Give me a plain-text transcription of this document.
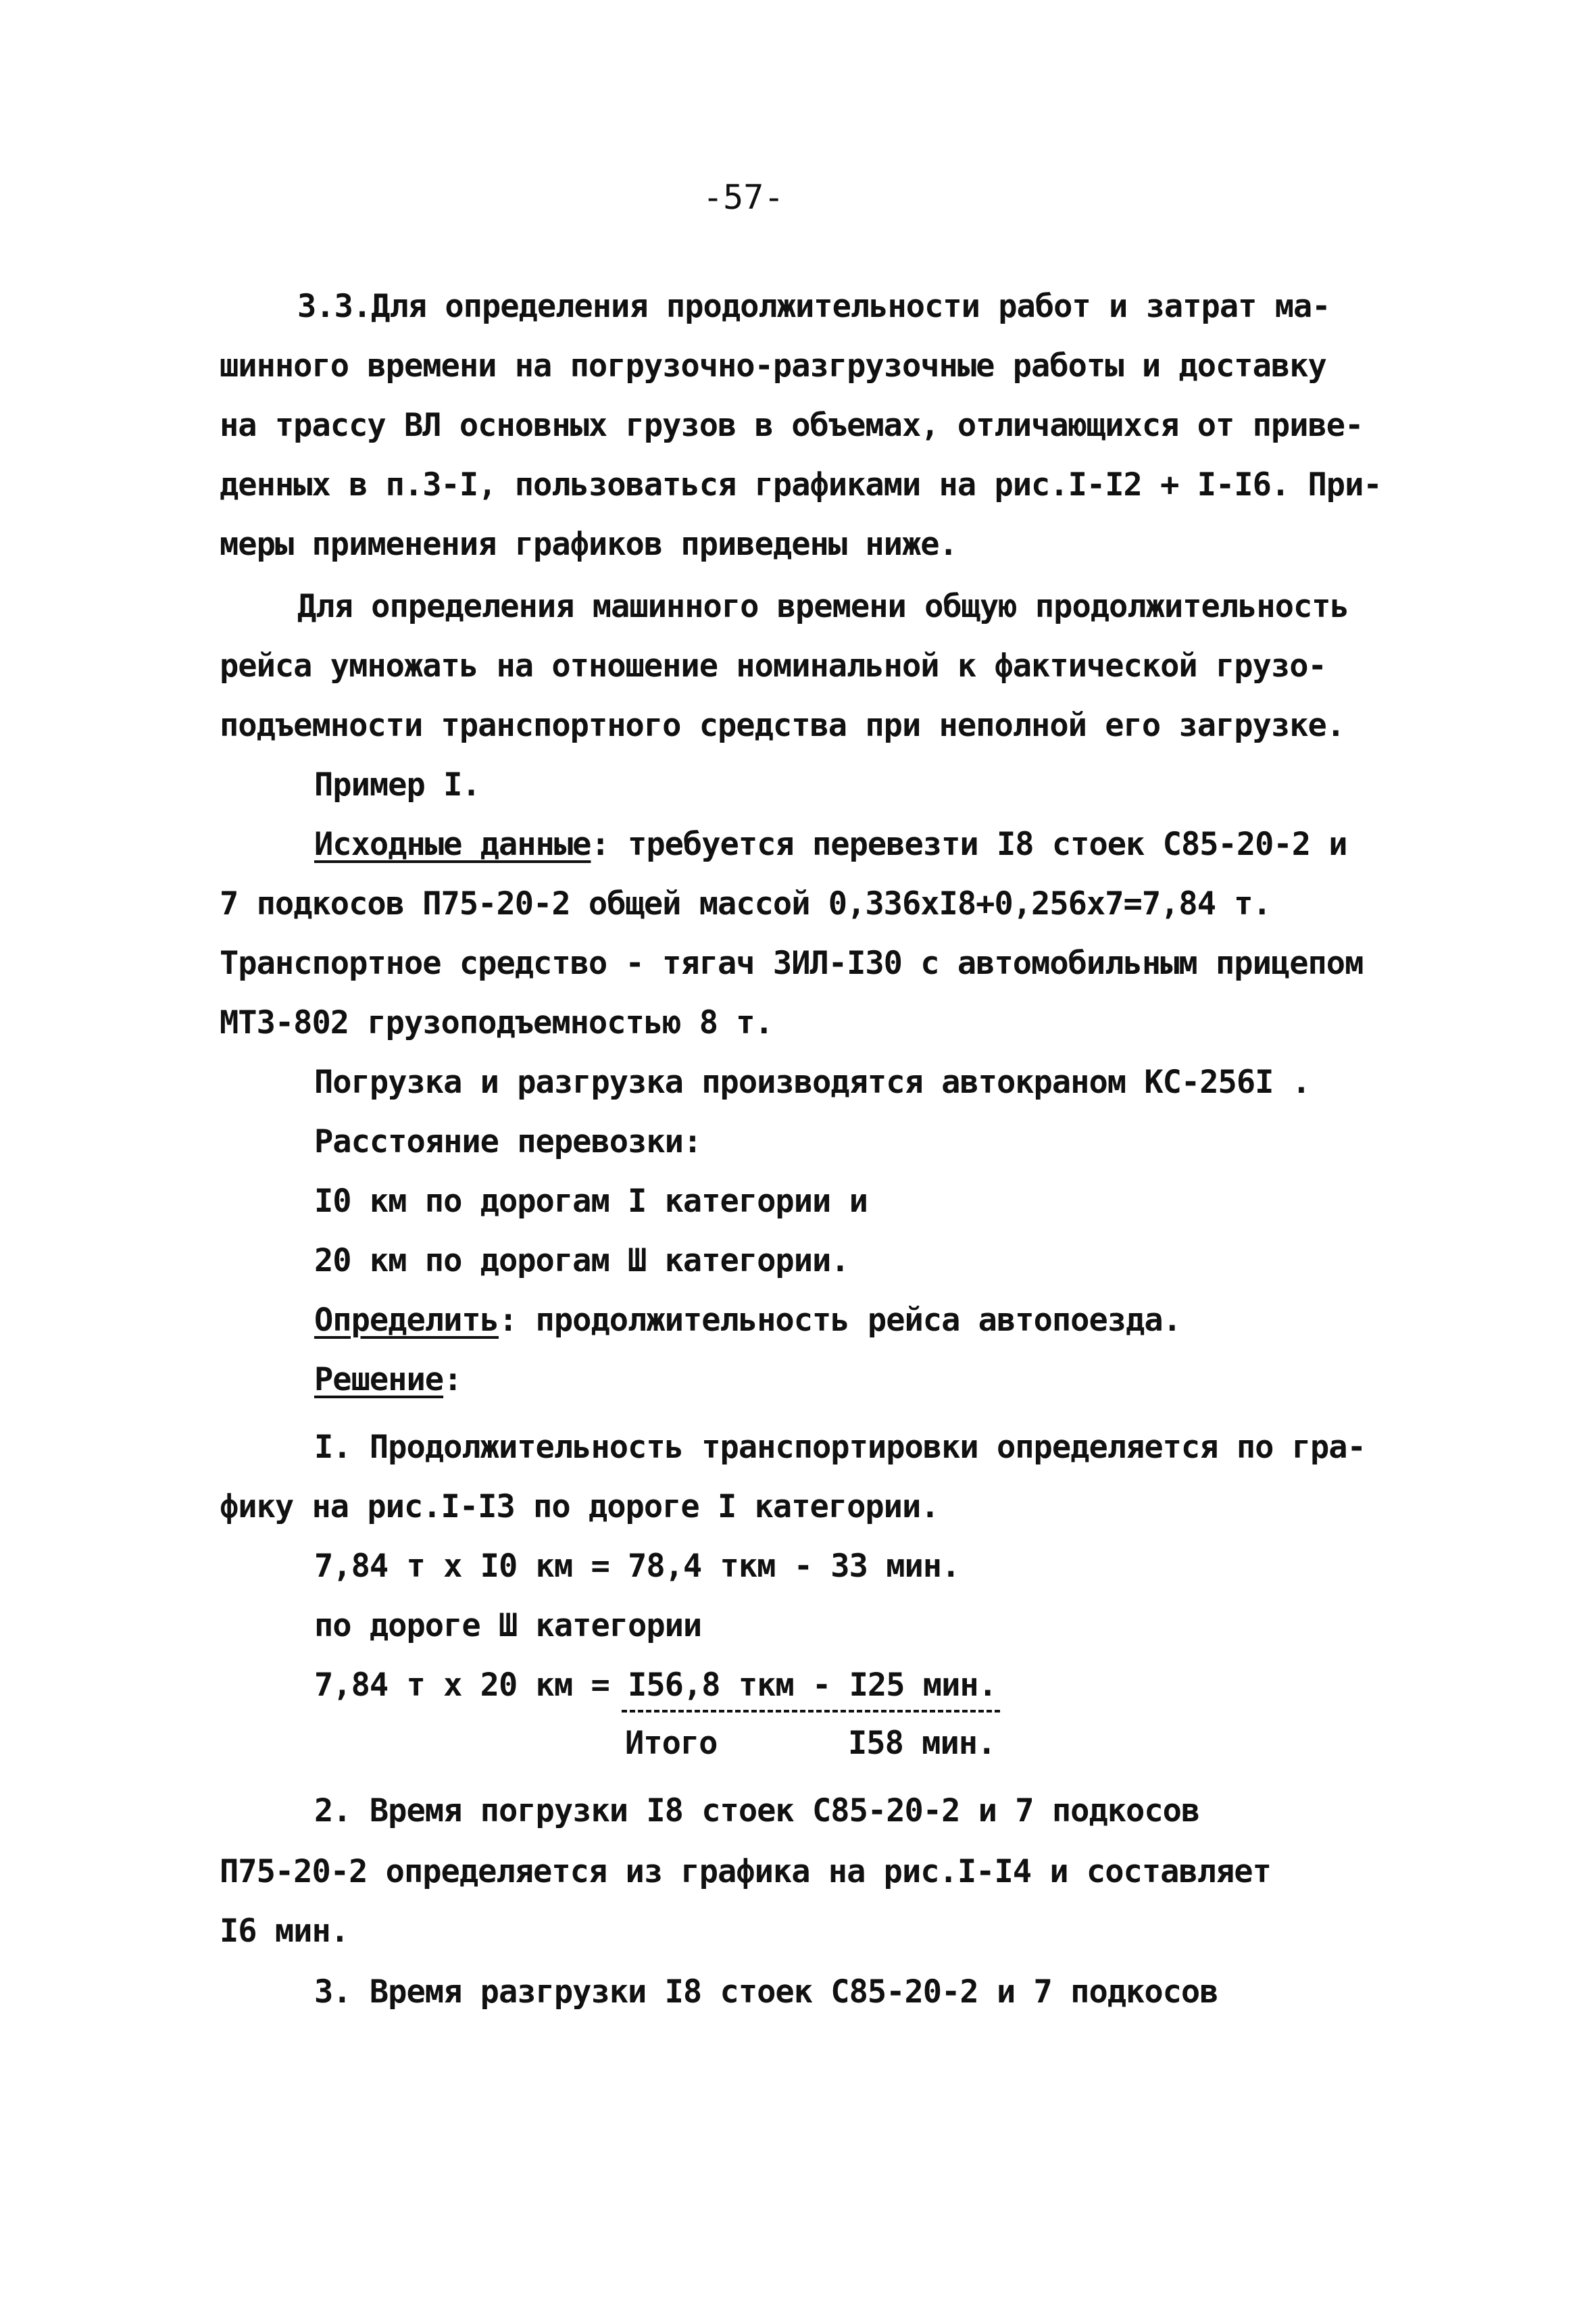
-57-
3.3.Для определения продолжительности работ и затрат ма-
шинного времени на погрузочно-разгрузочные работы и доставку
на трассу ВЛ основных грузов в объемах, отличающихся от приве-
денных в п.3-I, пользоваться графиками на рис.I-I2 + I-I6. При-
меры применения графиков приведены ниже.
Для определения машинного времени общую продолжительность
рейса умножать на отношение номинальной к фактической грузо-
подъемности транспортного средства при неполной его загрузке.
Пример I.
Исходные данные: требуется перевезти I8 стоек С85-20-2 и
7 подкосов П75-20-2 общей массой 0,336хI8+0,256х7=7,84 т.
Транспортное средство - тягач ЗИЛ-I30 с автомобильным прицепом
МТЗ-802 грузоподъемностью 8 т.
Погрузка и разгрузка производятся автокраном КС-256I .
Расстояние перевозки:
I0 км по дорогам I категории и
20 км по дорогам Ш категории.
Определить: продолжительность рейса автопоезда.
Решение:
I. Продолжительность транспортировки определяется по гра-
фику на рис.I-I3 по дороге I категории.
7,84 т х I0 км = 78,4 ткм - 33 мин.
по дороге Ш категории
7,84 т х 20 км = I56,8 ткм - I25 мин.
Итого	I58 мин.
2. Время погрузки I8 стоек С85-20-2 и 7 подкосов
П75-20-2 определяется из графика на рис.I-I4 и составляет
I6 мин.
3. Время разгрузки I8 стоек С85-20-2 и 7 подкосов
